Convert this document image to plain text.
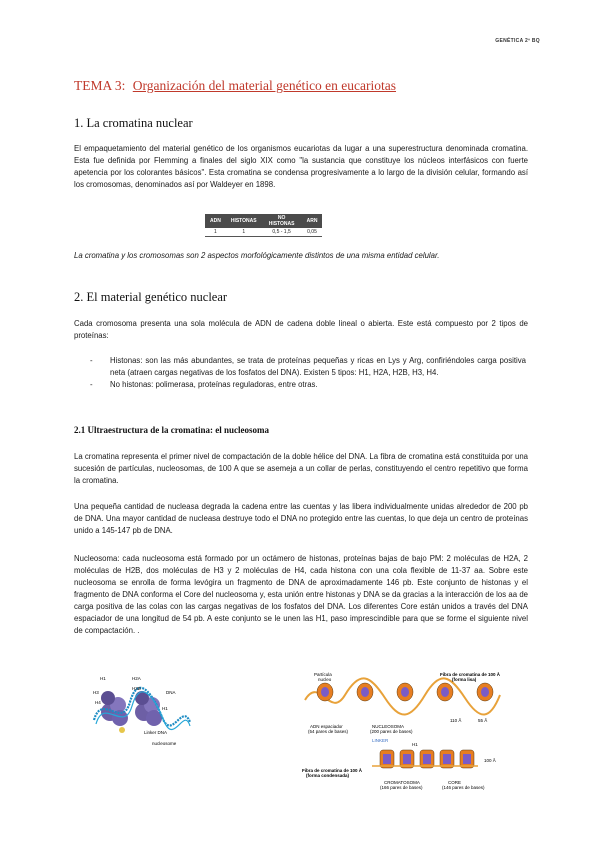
GENÉTICA 2º BQ
TEMA 3: Organización del material genético en eucariotas
1. La cromatina nuclear
El empaquetamiento del material genético de los organismos eucariotas da lugar a una superestructura denominada cromatina. Esta fue definida por Flemming a finales del siglo XIX como "la sustancia que constituye los núcleos interfásicos con fuerte apetencia por los colorantes básicos". Esta cromatina se condensa progresivamente a lo largo de la división celular, formando así los cromosomas, denominados así por Waldeyer en 1898.
ADN	HISTONAS	NO HISTONAS	ARN
1	1	0,5 - 1,5	0,05
La cromatina y los cromosomas son 2 aspectos morfológicamente distintos de una misma entidad celular.
2. El material genético nuclear
Cada cromosoma presenta una sola molécula de ADN de cadena doble lineal o abierta. Este está compuesto por 2 tipos de proteínas:
- Histonas: son las más abundantes, se trata de proteínas pequeñas y ricas en Lys y Arg, confiriéndoles carga positiva neta (atraen cargas negativas de los fosfatos del DNA). Existen 5 tipos: H1, H2A, H2B, H3, H4.
- No histonas: polimerasa, proteínas reguladoras, entre otras.
2.1 Ultraestructura de la cromatina: el nucleosoma
La cromatina representa el primer nivel de compactación de la doble hélice del DNA. La fibra de cromatina está constituida por una sucesión de partículas, nucleosomas, de 100 A que se asemeja a un collar de perlas, constituyendo el centro repetitivo que forma la cromatina.
Una pequeña cantidad de nucleasa degrada la cadena entre las cuentas y las libera individualmente unidas alrededor de 200 pb de DNA. Una mayor cantidad de nucleasa destruye todo el DNA no protegido entre las cuentas, lo que deja un centro de proteínas unido a 145-147 pb de DNA.
Nucleosoma: cada nucleosoma está formado por un octámero de histonas, proteínas bajas de bajo PM: 2 moléculas de H2A, 2 moléculas de H2B, dos moléculas de H3 y 2 moléculas de H4, cada histona con una cola flexible de 11-37 aa. Sobre este nucleosoma se enrolla de forma levógira un fragmento de DNA de aproximadamente 146 pb. Este conjunto de histonas y el fragmento de DNA conforma el Core del nucleosoma y, esta unión entre histonas y DNA se da gracias a la interacción de los aa de carga positiva de las colas con las cargas negativas de los fosfatos del DNA. Los diferentes Core están unidos a través del DNA espaciador de una longitud de 54 pb. A este conjunto se le unen las H1, paso imprescindible para que se forme el siguiente nivel de compactación. .
H2A
H2B
H1
H3
H4
DNA
H1
Linker DNA
nucleosome
Partícula
nucleo
Fibra de cromatina de 100 Å
(forma lisa)
ADN espaciador
(54 pares de bases)
NUCLEOSOMA
(200 pares de bases)
110 Å	55 Å
LINKER
Fibra de cromatina de 100 Å
(forma condensada)
H1
CROMATOSOMA
(166 pares de bases)
CORE
(146 pares de bases)
100 Å
